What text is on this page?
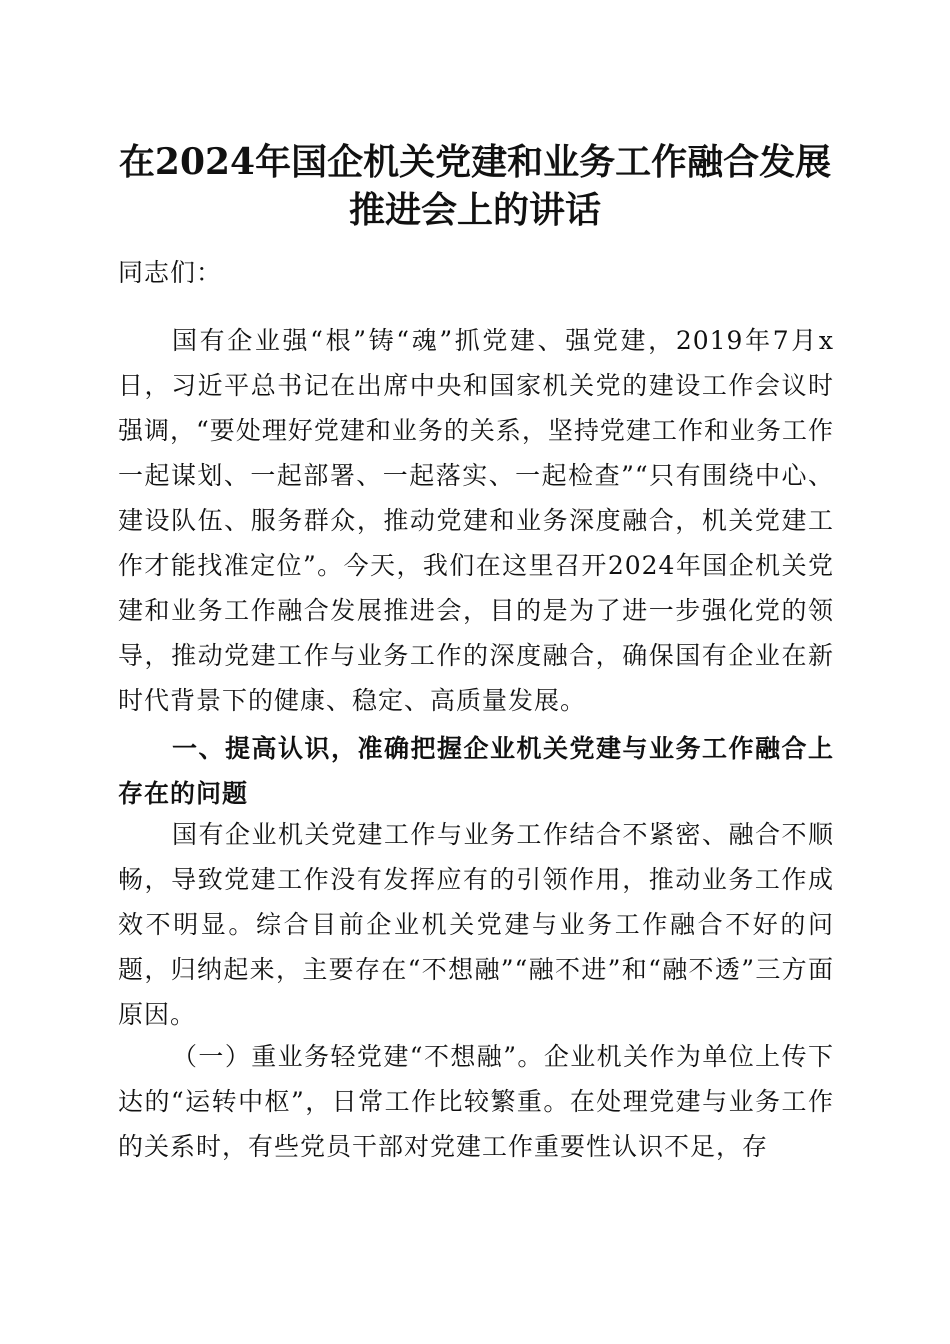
在2024年国企机关党建和业务工作融合发展
推进会上的讲话

同志们：

国有企业强“根”铸“魂”抓党建、强党建，2019年7月x日，习近平总书记在出席中央和国家机关党的建设工作会议时强调，“要处理好党建和业务的关系，坚持党建工作和业务工作一起谋划、一起部署、一起落实、一起检查”“只有围绕中心、建设队伍、服务群众，推动党建和业务深度融合，机关党建工作才能找准定位”。今天，我们在这里召开2024年国企机关党建和业务工作融合发展推进会，目的是为了进一步强化党的领导，推动党建工作与业务工作的深度融合，确保国有企业在新时代背景下的健康、稳定、高质量发展。

一、提高认识，准确把握企业机关党建与业务工作融合上存在的问题

国有企业机关党建工作与业务工作结合不紧密、融合不顺畅，导致党建工作没有发挥应有的引领作用，推动业务工作成效不明显。综合目前企业机关党建与业务工作融合不好的问题，归纳起来，主要存在“不想融”“融不进”和“融不透”三方面原因。

（一）重业务轻党建“不想融”。企业机关作为单位上传下达的“运转中枢”，日常工作比较繁重。在处理党建与业务工作的关系时，有些党员干部对党建工作重要性认识不足，存
